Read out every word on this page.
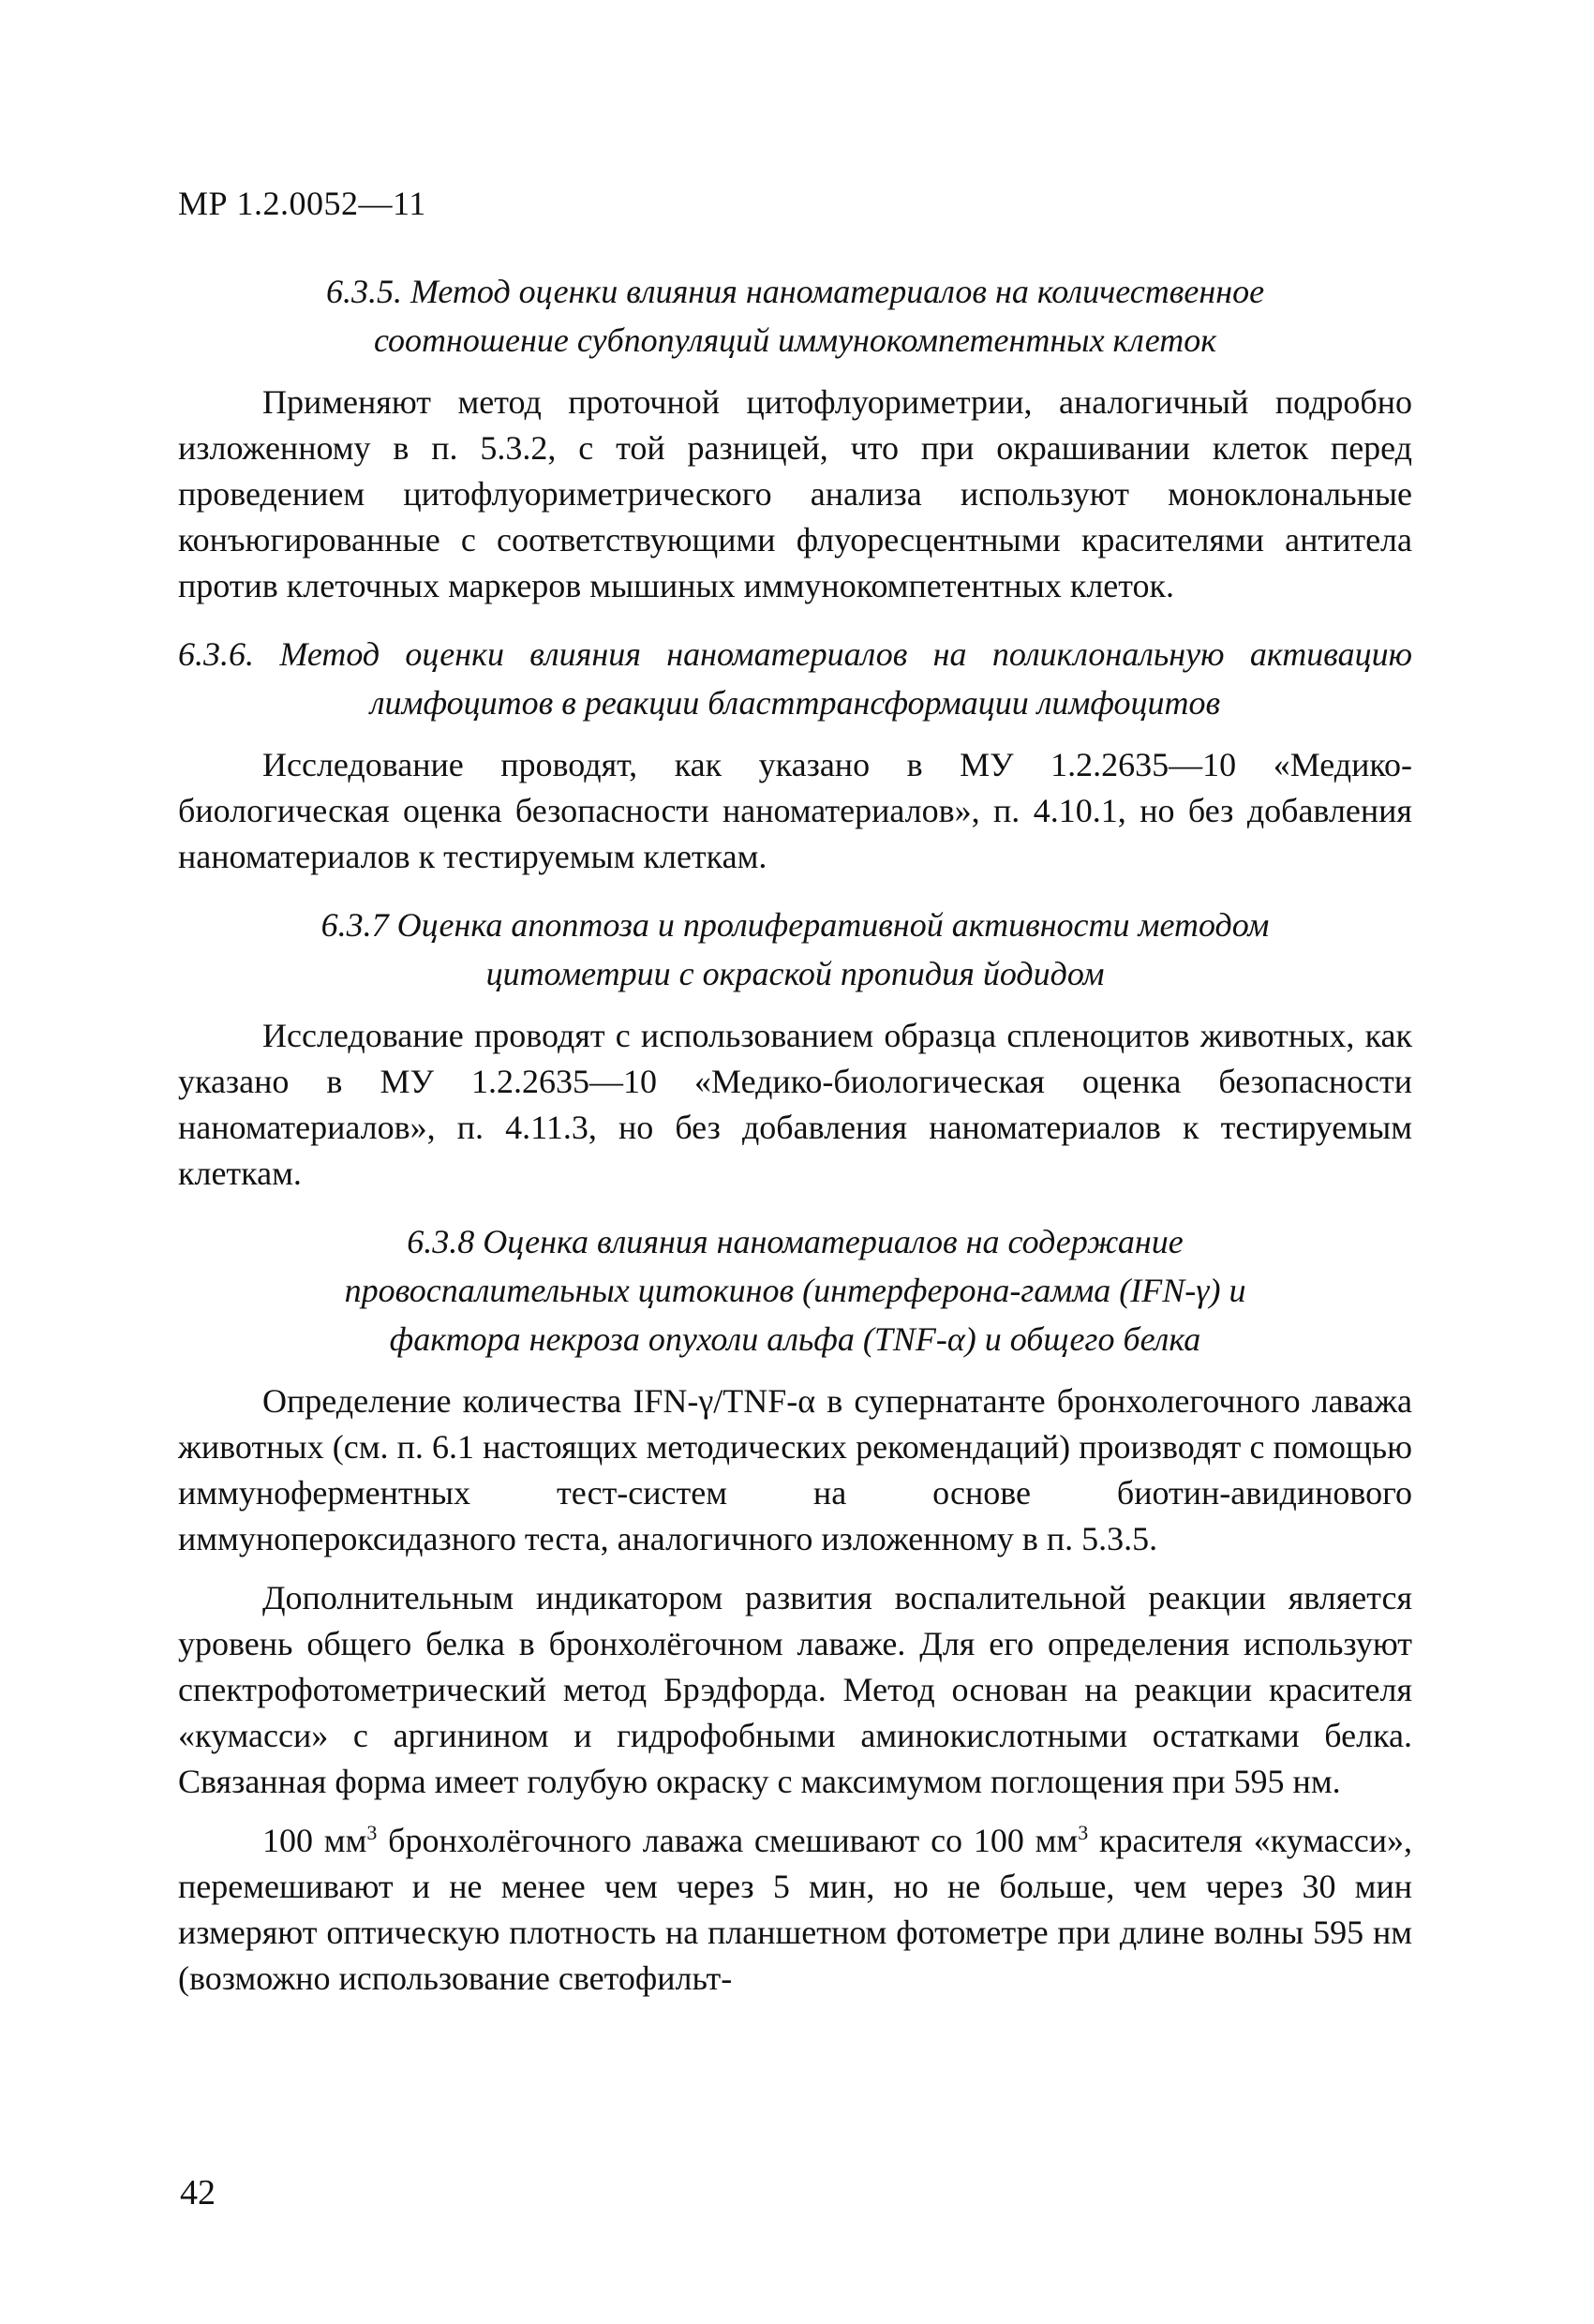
МР 1.2.0052—11
6.3.5. Метод оценки влияния наноматериалов на количественное
соотношение субпопуляций иммунокомпетентных клеток

Применяют метод проточной цитофлуориметрии, аналогичный подробно изложенному в п. 5.3.2, с той разницей, что при окрашивании клеток перед проведением цитофлуориметрического анализа используют моноклональные конъюгированные с соответствующими флуоресцентными красителями антитела против клеточных маркеров мышиных иммунокомпетентных клеток.

6.3.6. Метод оценки влияния наноматериалов на поликлональную активацию лимфоцитов в реакции бласттрансформации лимфоцитов

Исследование проводят, как указано в МУ 1.2.2635—10 «Медико-биологическая оценка безопасности наноматериалов», п. 4.10.1, но без добавления наноматериалов к тестируемым клеткам.

6.3.7 Оценка апоптоза и пролиферативной активности методом
цитометрии с окраской пропидия йодидом

Исследование проводят с использованием образца спленоцитов животных, как указано в МУ 1.2.2635—10 «Медико-биологическая оценка безопасности наноматериалов», п. 4.11.3, но без добавления наноматериалов к тестируемым клеткам.

6.3.8 Оценка влияния наноматериалов на содержание
провоспалительных цитокинов (интерферона-гамма (IFN-γ) и
фактора некроза опухоли альфа (TNF-α) и общего белка

Определение количества IFN-γ/TNF-α в супернатанте бронхолегочного лаважа животных (см. п. 6.1 настоящих методических рекомендаций) производят с помощью иммуноферментных тест-систем на основе биотин-авидинового иммунопероксидазного теста, аналогичного изложенному в п. 5.3.5.

Дополнительным индикатором развития воспалительной реакции является уровень общего белка в бронхолёгочном лаваже. Для его определения используют спектрофотометрический метод Брэдфорда. Метод основан на реакции красителя «кумасси» с аргинином и гидрофобными аминокислотными остатками белка. Связанная форма имеет голубую окраску с максимумом поглощения при 595 нм.

100 $мм^3$ бронхолёгочного лаважа смешивают со 100 $мм^3$ красителя «кумасси», перемешивают и не менее чем через 5 мин, но не больше, чем через 30 мин измеряют оптическую плотность на планшетном фотометре при длине волны 595 нм (возможно использование светофильт-

42
